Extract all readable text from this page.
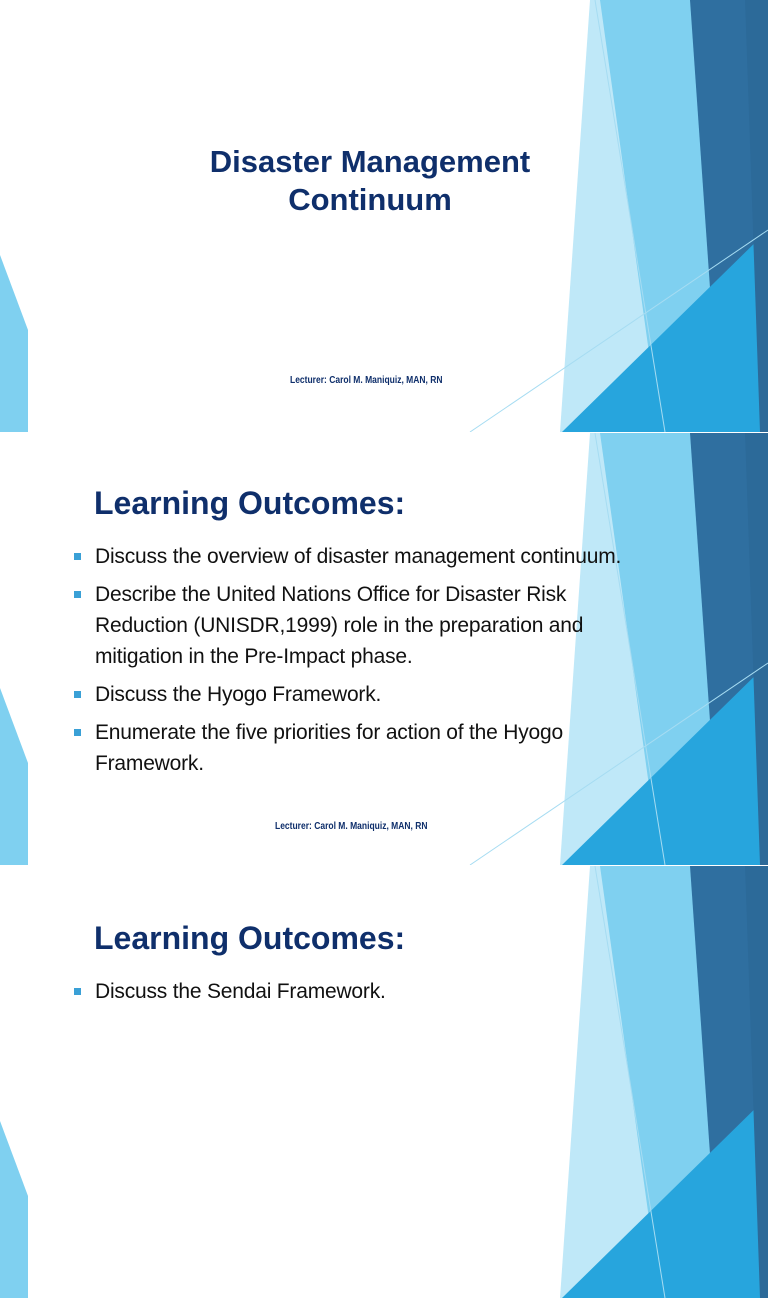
Disaster Management
Continuum
Lecturer: Carol M. Maniquiz, MAN, RN
Learning Outcomes:
Discuss the overview of disaster management continuum.
Describe the United Nations Office for Disaster Risk Reduction (UNISDR,1999) role in the preparation and mitigation in the Pre-Impact phase.
Discuss the Hyogo Framework.
Enumerate the five priorities for action of the Hyogo Framework.
Lecturer: Carol M. Maniquiz, MAN, RN
Learning Outcomes:
Discuss the Sendai Framework.
